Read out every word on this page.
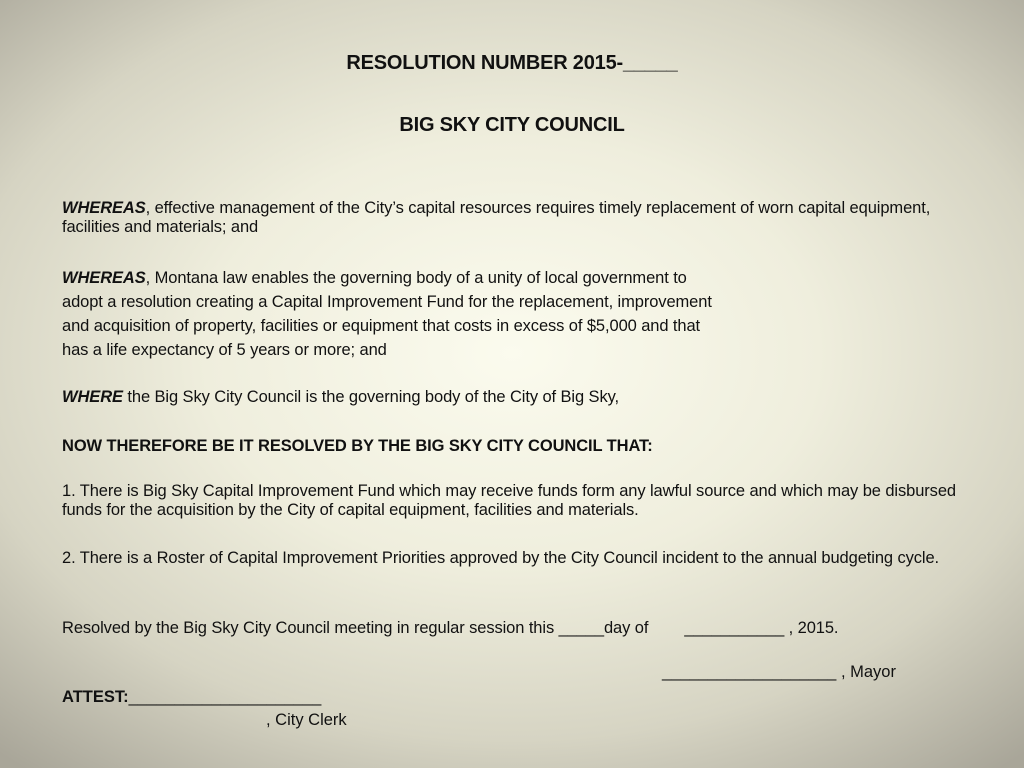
RESOLUTION NUMBER 2015-_____
BIG SKY CITY COUNCIL
WHEREAS, effective management of the City’s capital resources requires timely replacement of worn capital equipment, facilities and materials; and
WHEREAS, Montana law enables the governing body of a unity of local government to
adopt a resolution creating a Capital Improvement Fund for the replacement, improvement
and acquisition of property, facilities or equipment that costs in excess of $5,000 and that
has a life expectancy of 5 years or more; and
WHERE the Big Sky City Council is the governing body of the City of Big Sky,
NOW THEREFORE BE IT RESOLVED BY THE BIG SKY CITY COUNCIL THAT:
1. There is Big Sky Capital Improvement Fund which may receive funds form any lawful source and which may be disbursed funds for the acquisition by the City of capital equipment, facilities and materials.
2. There is a Roster of Capital Improvement Priorities approved by the City Council incident to the annual budgeting cycle.
Resolved by the Big Sky City Council meeting in regular session this _____day of ___________ , 2015.
___________________ , Mayor
ATTEST:_____________________
, City Clerk
